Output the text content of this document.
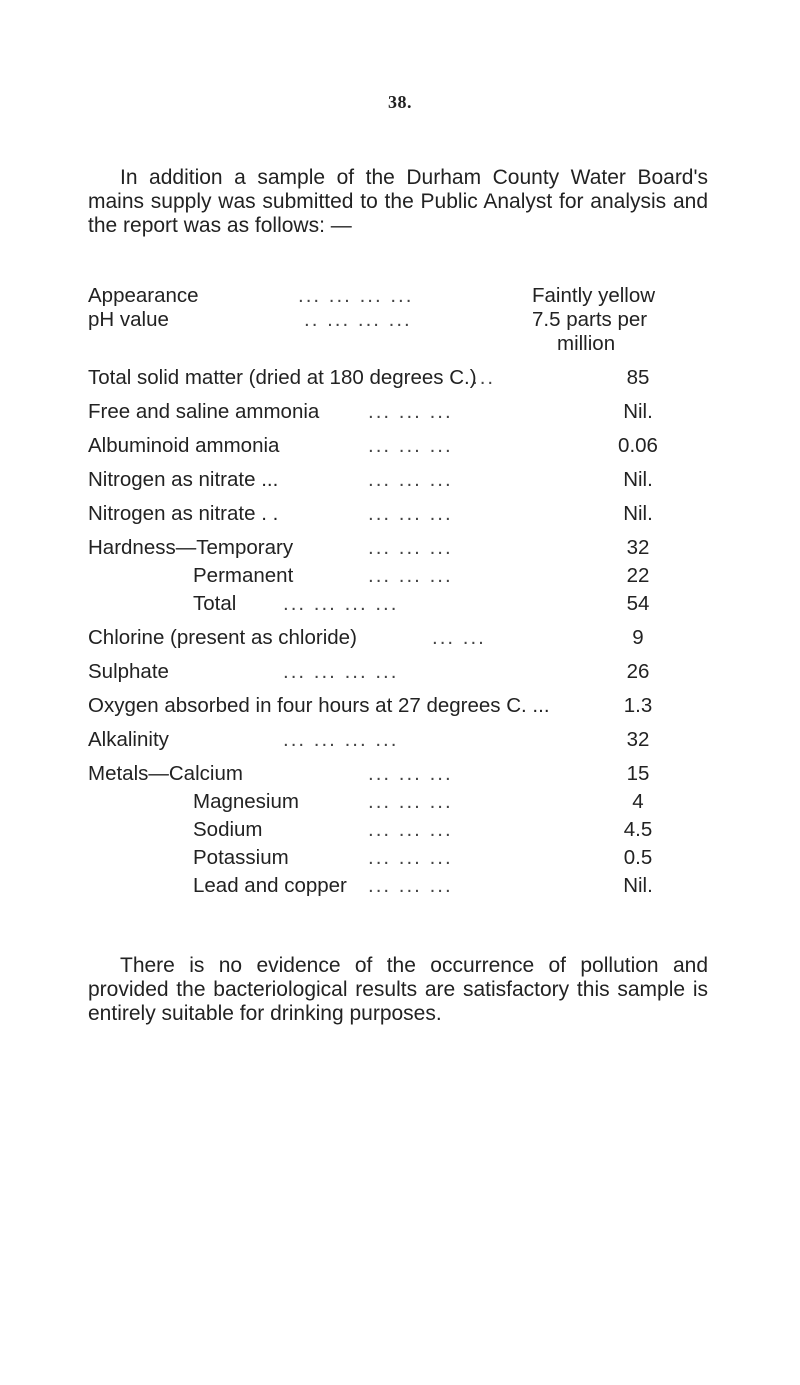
38.

In addition a sample of the Durham County Water Board's mains supply was submitted to the Public Analyst for analysis and the report was as follows: —

Appearance	... ... ... ...	Faintly yellow
pH value	.. ... ... ...	7.5 parts per
million
Total solid matter (dried at 180 degrees C.)
...	85
Free and saline ammonia ... ... ...	Nil.
Albuminoid ammonia	... ... ...	0.06
Nitrogen as nitrate ...	... ... ...	Nil.
Nitrogen as nitrate . .	... ... ...	Nil.
Hardness—Temporary	... ... ...	32
Permanent	... ... ...	22
Total ... ... ... ...	54
Chlorine (present as chloride)	... ...	9
Sulphate	... ... ... ...	26
Oxygen absorbed in four hours at 27 degrees C. ...	1.3
Alkalinity	... ... ... ...	32
Metals—Calcium	... ... ...	15
Magnesium	... ... ...	4
Sodium	... ... ...	4.5
Potassium	... ... ...	0.5
Lead and copper ... ... ...	Nil.

There is no evidence of the occurrence of pollution and provided the bacteriological results are satisfactory this sample is entirely suitable for drinking purposes.
